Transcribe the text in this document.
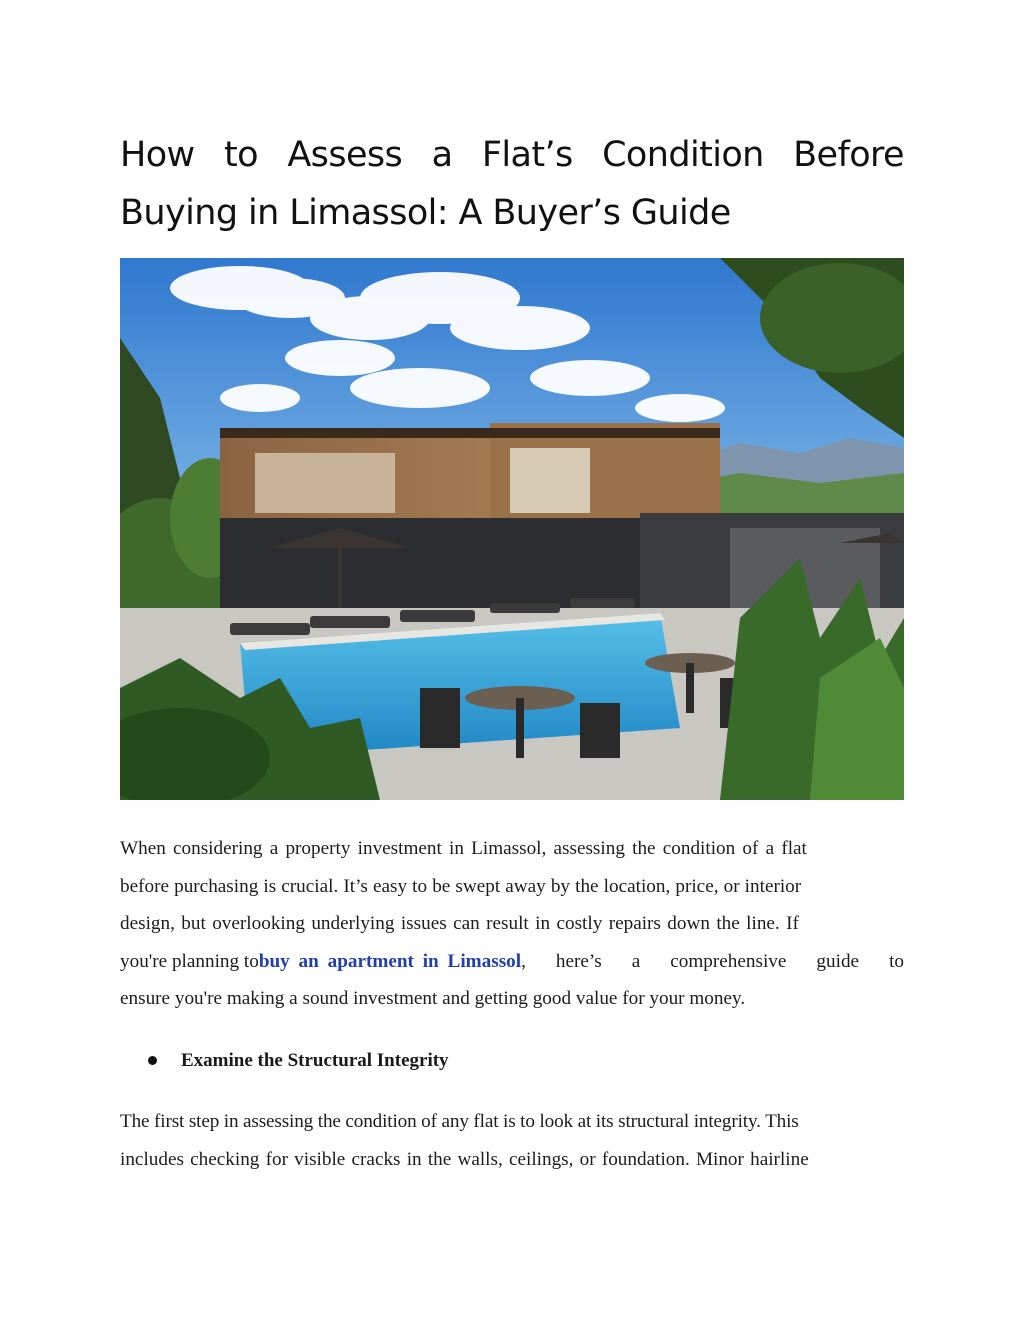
How to Assess a Flat’s Condition Before
Buying in Limassol: A Buyer’s Guide

When considering a property investment in Limassol, assessing the condition of a flat
before purchasing is crucial. It’s easy to be swept away by the location, price, or interior
design, but overlooking underlying issues can result in costly repairs down the line. If
you're planning to buy an apartment in Limassol , here’s a comprehensive guide to
ensure you're making a sound investment and getting good value for your money.

Examine the Structural Integrity

The first step in assessing the condition of any flat is to look at its structural integrity. This
includes checking for visible cracks in the walls, ceilings, or foundation. Minor hairline
